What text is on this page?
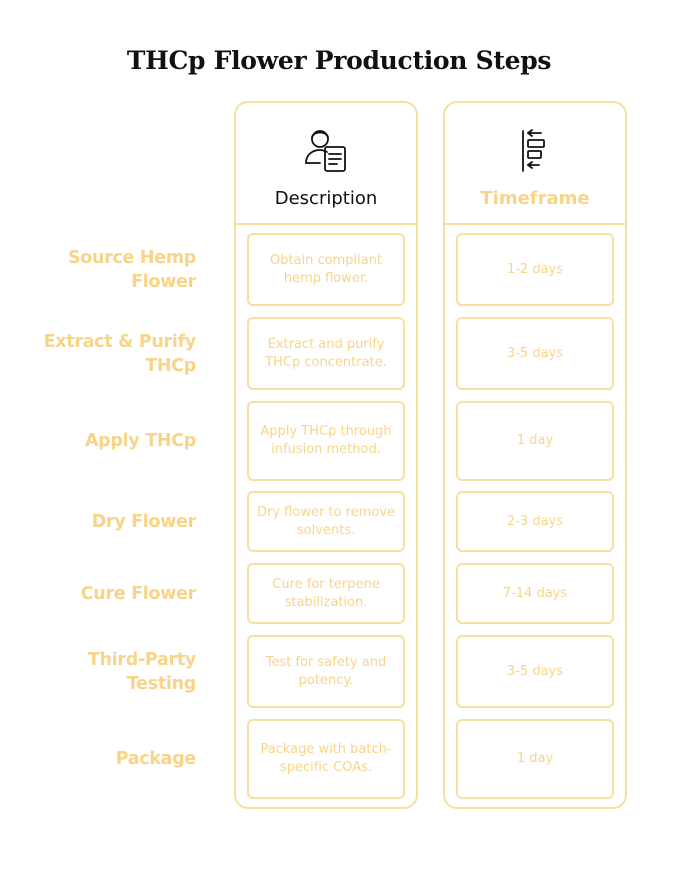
THCp Flower Production Steps
Description
Obtain compliant hemp flower.
Extract and purify THCp concentrate.
Apply THCp through infusion method.
Dry flower to remove solvents.
Cure for terpene stabilization.
Test for safety and potency.
Package with batch-specific COAs.
Timeframe
1-2 days
3-5 days
1 day
2-3 days
7-14 days
3-5 days
1 day
Source Hemp
Flower
Extract & Purify
THCp
Apply THCp
Dry Flower
Cure Flower
Third-Party
Testing
Package
